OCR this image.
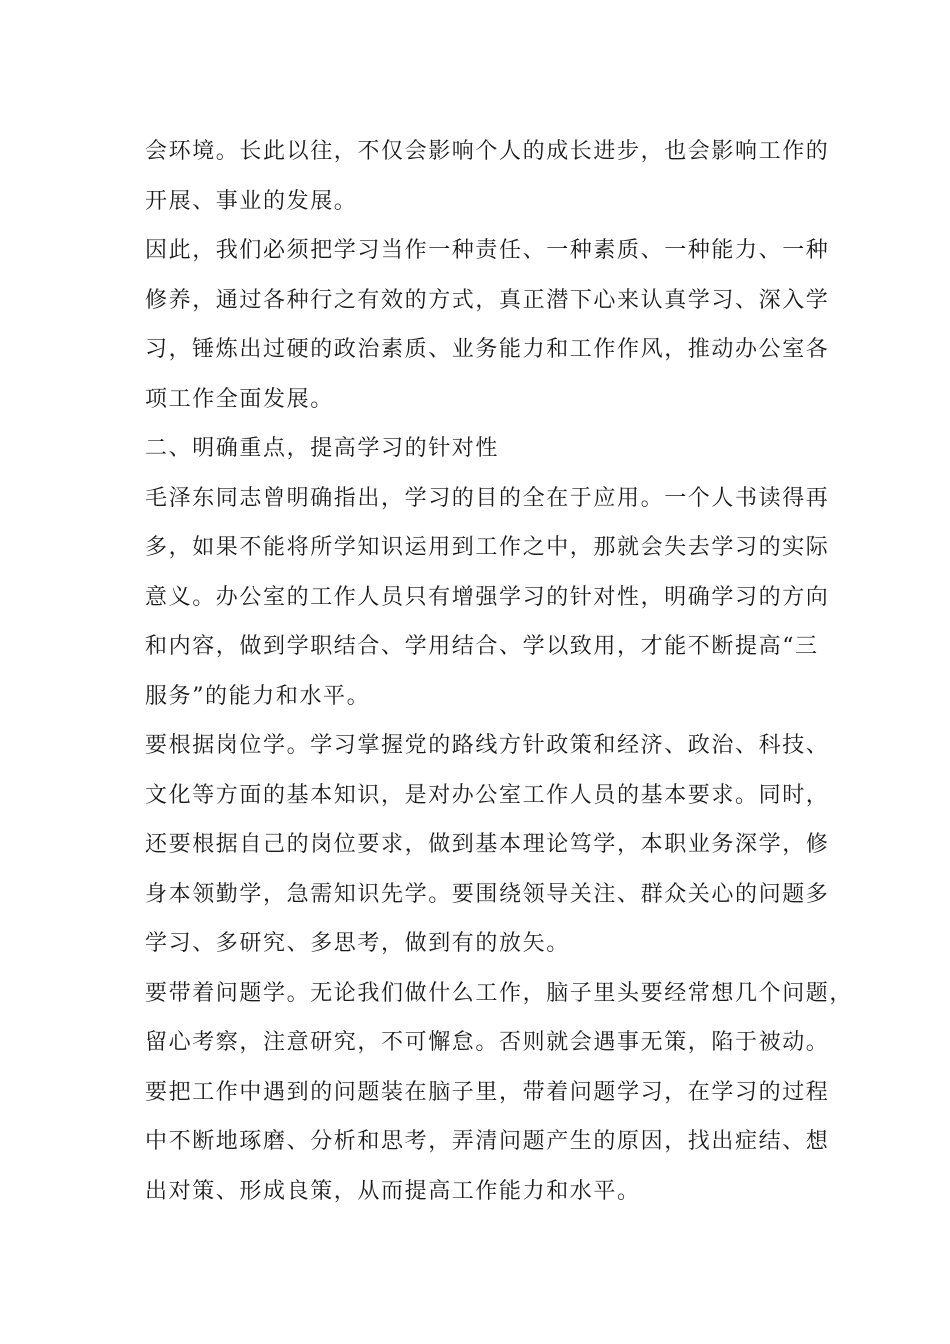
会环境。长此以往，不仅会影响个人的成长进步，也会影响工作的
开展、事业的发展。

因此，我们必须把学习当作一种责任、一种素质、一种能力、一种
修养，通过各种行之有效的方式，真正潜下心来认真学习、深入学
习，锤炼出过硬的政治素质、业务能力和工作作风，推动办公室各
项工作全面发展。

二、明确重点，提高学习的针对性

毛泽东同志曾明确指出，学习的目的全在于应用。一个人书读得再
多，如果不能将所学知识运用到工作之中，那就会失去学习的实际
意义。办公室的工作人员只有增强学习的针对性，明确学习的方向
和内容，做到学职结合、学用结合、学以致用，才能不断提高“三
服务”的能力和水平。

要根据岗位学。学习掌握党的路线方针政策和经济、政治、科技、
文化等方面的基本知识，是对办公室工作人员的基本要求。同时，
还要根据自己的岗位要求，做到基本理论笃学，本职业务深学，修
身本领勤学，急需知识先学。要围绕领导关注、群众关心的问题多
学习、多研究、多思考，做到有的放矢。

要带着问题学。无论我们做什么工作，脑子里头要经常想几个问题，
留心考察，注意研究，不可懈怠。否则就会遇事无策，陷于被动。
要把工作中遇到的问题装在脑子里，带着问题学习，在学习的过程
中不断地琢磨、分析和思考，弄清问题产生的原因，找出症结、想
出对策、形成良策，从而提高工作能力和水平。
